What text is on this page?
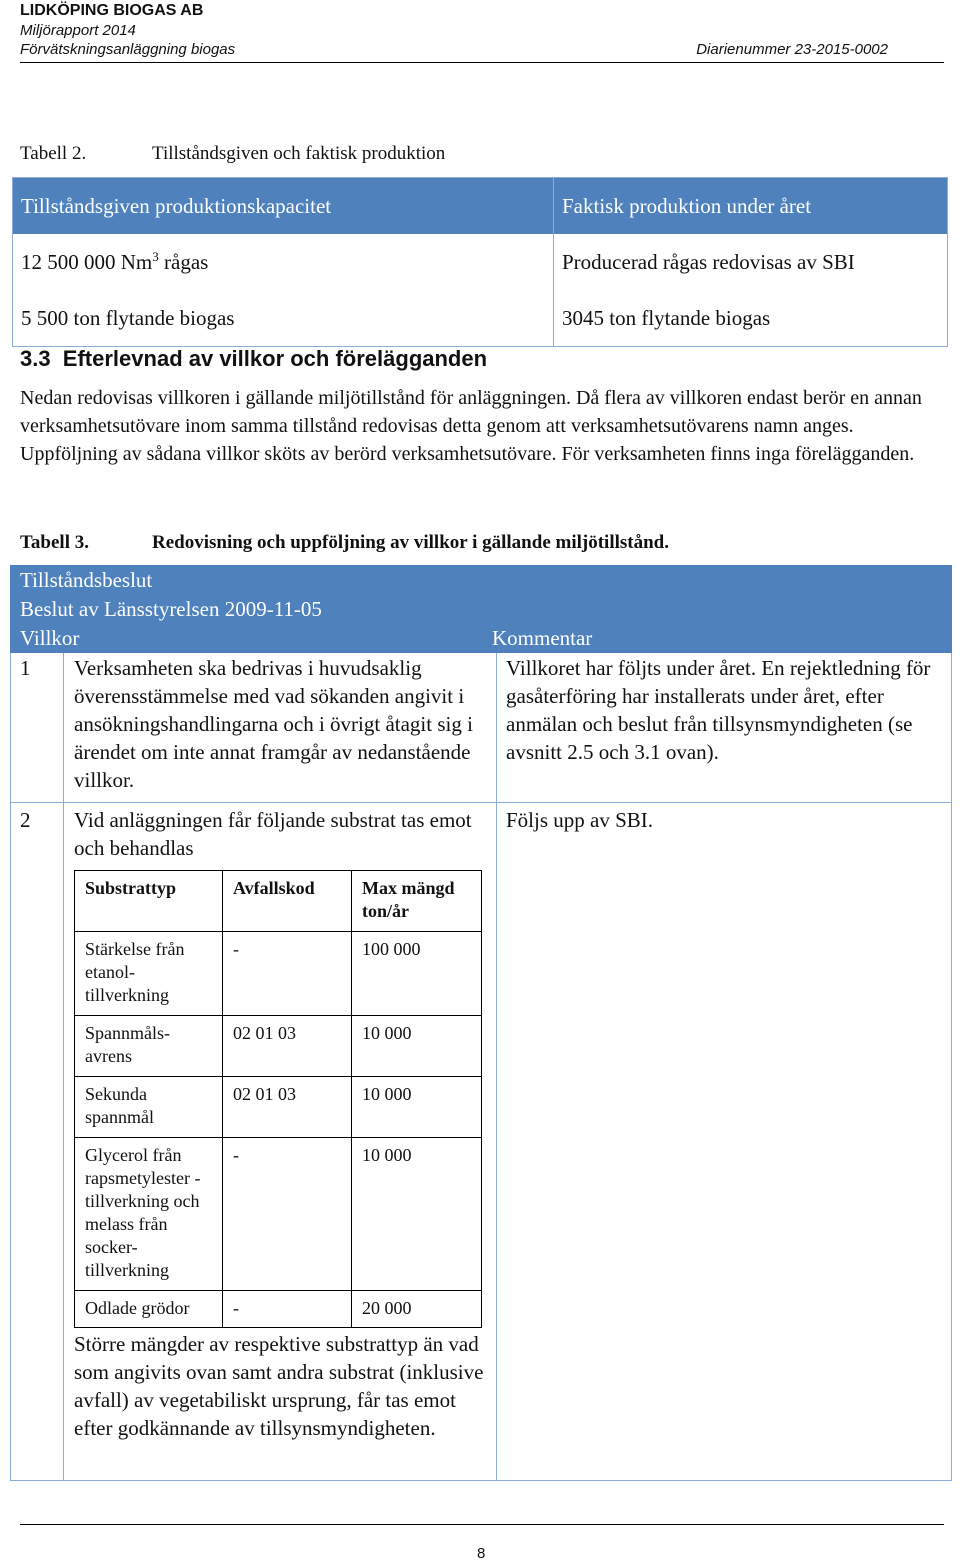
LIDKÖPING BIOGAS AB
Miljörapport 2014
Förvätskningsanläggning biogas	Diarienummer 23-2015-0002
Tabell 2.	Tillståndsgiven och faktisk produktion
Tillståndsgiven produktionskapacitet	Faktisk produktion under året
12 500 000 Nm$^3$ rågas	Producerad rågas redovisas av SBI
5 500 ton flytande biogas	3045 ton flytande biogas
3.3  Efterlevnad av villkor och förelägganden
Nedan redovisas villkoren i gällande miljötillstånd för anläggningen. Då flera av villkoren endast berör en annan verksamhetsutövare inom samma tillstånd redovisas detta genom att verksamhetsutövarens namn anges. Uppföljning av sådana villkor sköts av berörd verksamhetsutövare. För verksamheten finns inga förelägganden.
Tabell 3.	Redovisning och uppföljning av villkor i gällande miljötillstånd.
Tillståndsbeslut
Beslut av Länsstyrelsen 2009-11-05
Villkor	Kommentar
1 Verksamheten ska bedrivas i huvudsaklig överensstämmelse med vad sökanden angivit i ansökningshandlingarna och i övrigt åtagit sig i ärendet om inte annat framgår av nedanstående villkor.
Villkoret har följts under året. En rejektledning för gasåterföring har installerats under året, efter anmälan och beslut från tillsynsmyndigheten (se avsnitt 2.5 och 3.1 ovan).
2 Vid anläggningen får följande substrat tas emot och behandlas
Följs upp av SBI.
Substrattyp	Avfallskod	Max mängd ton/år
Stärkelse från etanol-tillverkning	-	100 000
Spannmåls-avrens	02 01 03	10 000
Sekunda spannmål	02 01 03	10 000
Glycerol från rapsmetylester -tillverkning och melass från socker-tillverkning	-	10 000
Odlade grödor	-	20 000
Större mängder av respektive substrattyp än vad som angivits ovan samt andra substrat (inklusive avfall) av vegetabiliskt ursprung, får tas emot efter godkännande av tillsynsmyndigheten.
8
